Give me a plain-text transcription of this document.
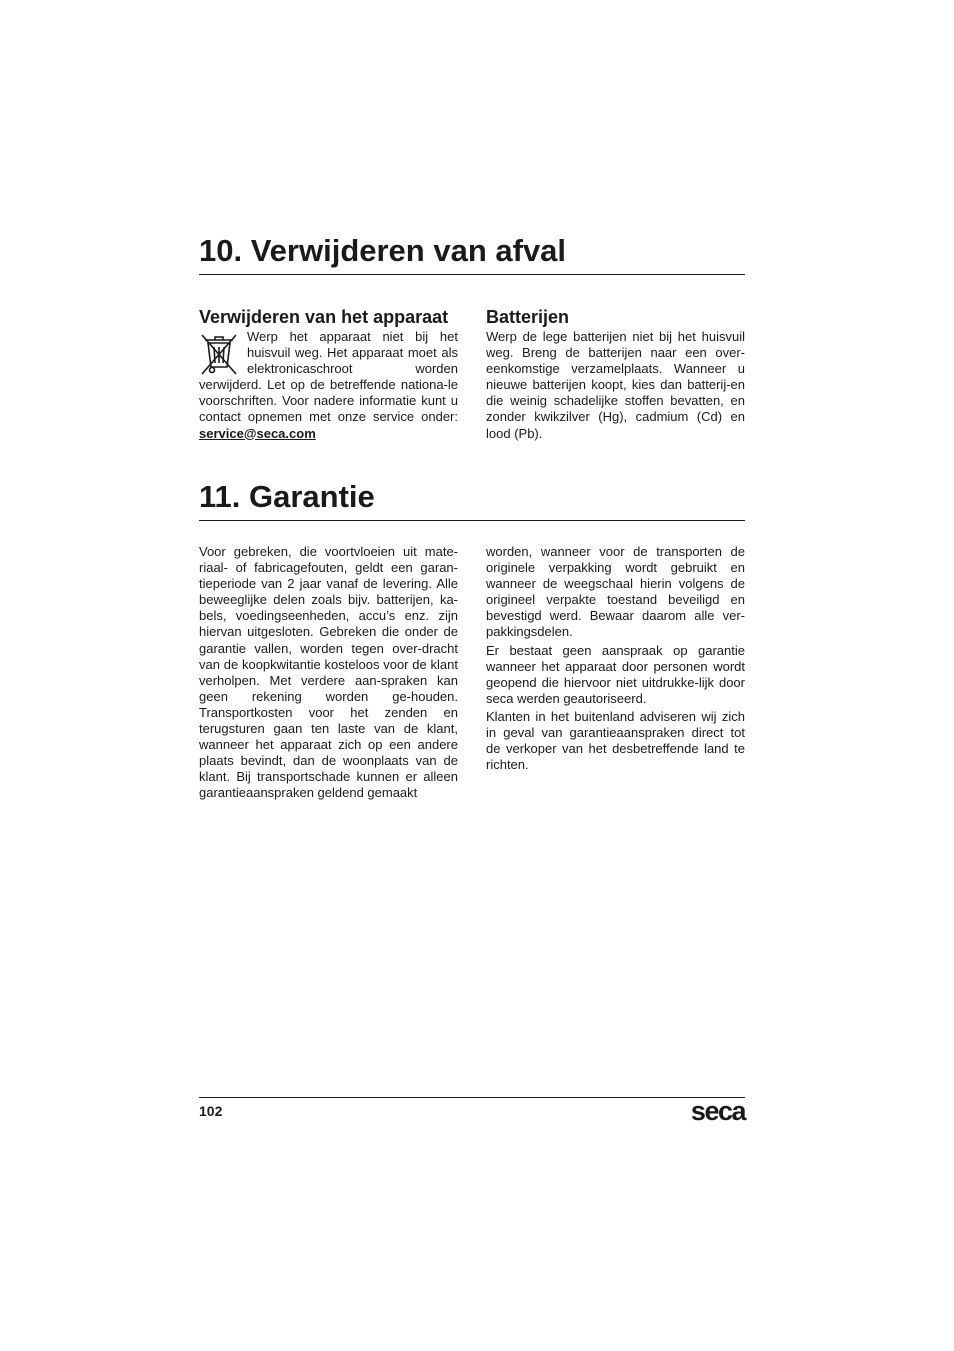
10. Verwijderen van afval
Verwijderen van het apparaat

Werp het apparaat niet bij het huisvuil weg. Het apparaat moet als elektronicaschroot worden verwijderd. Let op de betreffende nationa-le voorschriften. Voor nadere informatie kunt u contact opnemen met onze service onder: service@seca.com

Batterijen

Werp de lege batterijen niet bij het huisvuil weg. Breng de batterijen naar een over-eenkomstige verzamelplaats. Wanneer u nieuwe batterijen koopt, kies dan batterij-en die weinig schadelijke stoffen bevatten, en zonder kwikzilver (Hg), cadmium (Cd) en lood (Pb).

11. Garantie

Voor gebreken, die voortvloeien uit mate-riaal- of fabricagefouten, geldt een garan-tieperiode van 2 jaar vanaf de levering. Alle beweeglijke delen zoals bijv. batterijen, ka-bels, voedingseenheden, accu’s enz. zijn hiervan uitgesloten. Gebreken die onder de garantie vallen, worden tegen over-dracht van de koopkwitantie kosteloos voor de klant verholpen. Met verdere aan-spraken kan geen rekening worden ge-houden. Transportkosten voor het zenden en terugsturen gaan ten laste van de klant, wanneer het apparaat zich op een andere plaats bevindt, dan de woonplaats van de klant. Bij transportschade kunnen er alleen garantieaanspraken geldend gemaakt

worden, wanneer voor de transporten de originele verpakking wordt gebruikt en wanneer de weegschaal hierin volgens de origineel verpakte toestand beveiligd en bevestigd werd. Bewaar daarom alle ver-pakkingsdelen.

Er bestaat geen aanspraak op garantie wanneer het apparaat door personen wordt geopend die hiervoor niet uitdrukke-lijk door seca werden geautoriseerd.

Klanten in het buitenland adviseren wij zich in geval van garantieaanspraken direct tot de verkoper van het desbetreffende land te richten.

102	seca
